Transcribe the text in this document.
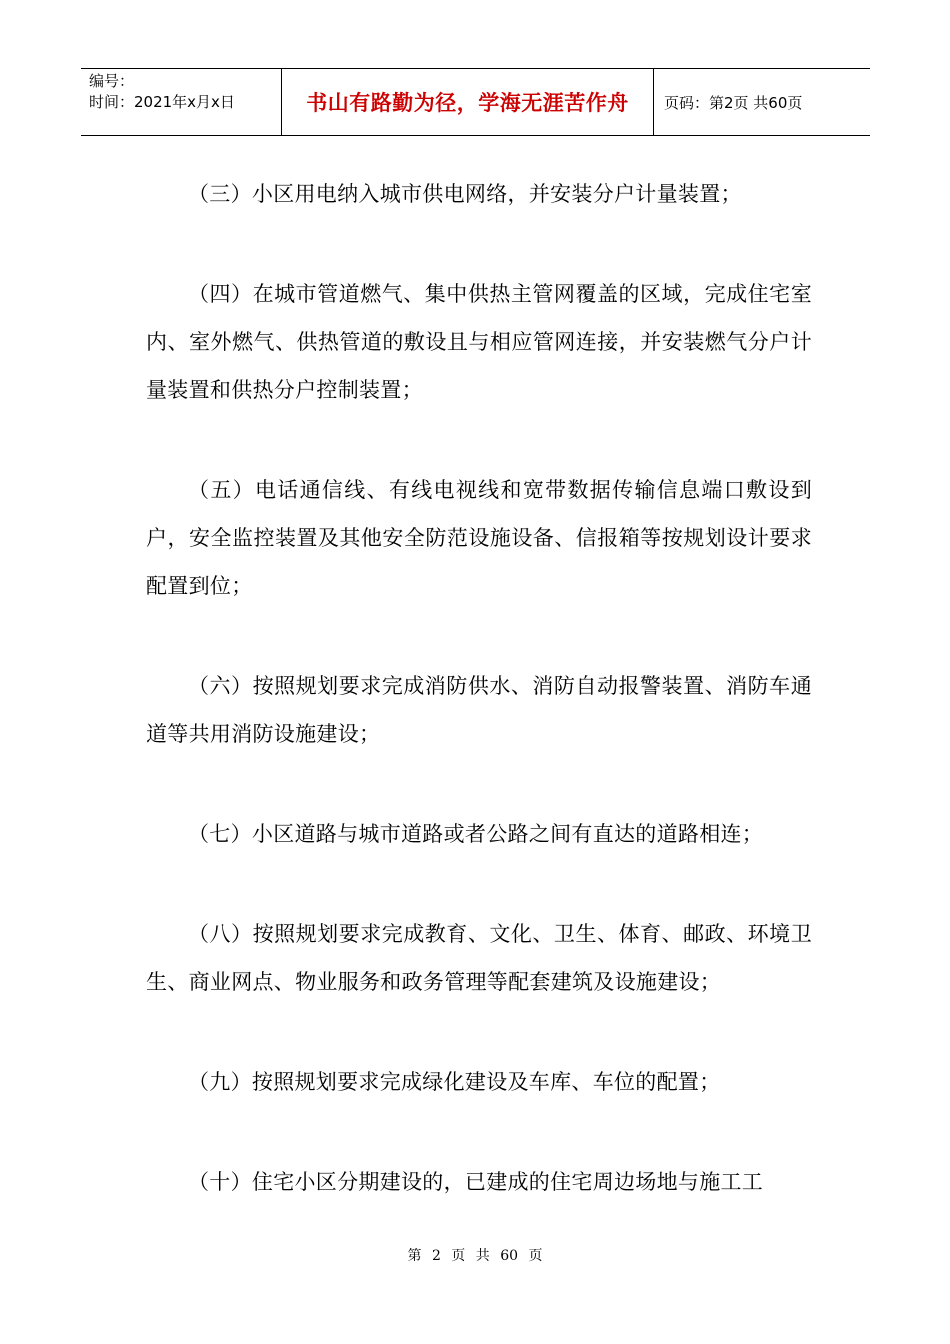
编号：
时间：2021年x月x日	书山有路勤为径，学海无涯苦作舟 页码：第2页 共60页

（三）小区用电纳入城市供电网络，并安装分户计量装置；

（四）在城市管道燃气、集中供热主管网覆盖的区域，完成住宅室内、室外燃气、供热管道的敷设且与相应管网连接，并安装燃气分户计量装置和供热分户控制装置；

（五）电话通信线、有线电视线和宽带数据传输信息端口敷设到户，安全监控装置及其他安全防范设施设备、信报箱等按规划设计要求配置到位；

（六）按照规划要求完成消防供水、消防自动报警装置、消防车通道等共用消防设施建设；

（七）小区道路与城市道路或者公路之间有直达的道路相连；

（八）按照规划要求完成教育、文化、卫生、体育、邮政、环境卫生、商业网点、物业服务和政务管理等配套建筑及设施建设；

（九）按照规划要求完成绿化建设及车库、车位的配置；

（十）住宅小区分期建设的，已建成的住宅周边场地与施工工

第 2 页 共 60 页
